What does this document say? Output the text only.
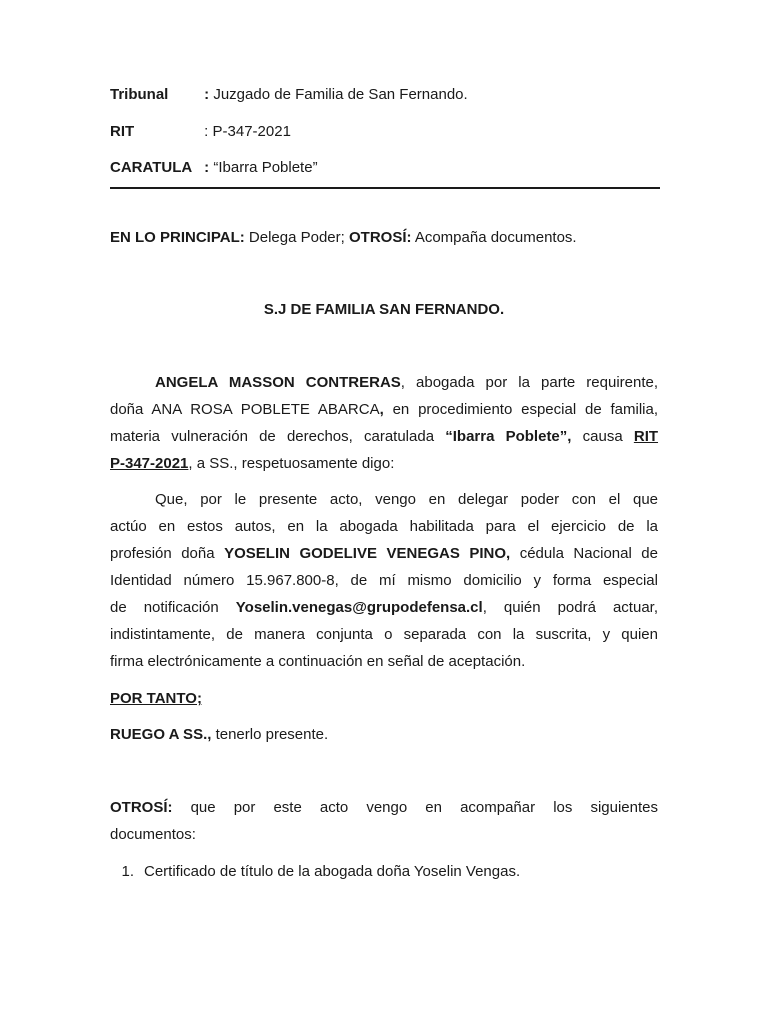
Tribunal : Juzgado de Familia de San Fernando.
RIT	: P-347-2021
CARATULA : “Ibarra Poblete”
EN LO PRINCIPAL: Delega Poder; OTROSÍ: Acompaña documentos.
S.J DE FAMILIA SAN FERNANDO.
ANGELA MASSON CONTRERAS, abogada por la parte requirente,
doña ANA ROSA POBLETE ABARCA, en procedimiento especial de familia,
materia vulneración de derechos, caratulada “Ibarra Poblete”, causa RIT
P-347-2021, a SS., respetuosamente digo:
Que, por le presente acto, vengo en delegar poder con el que
actúo en estos autos, en la abogada habilitada para el ejercicio de la
profesión doña YOSELIN GODELIVE VENEGAS PINO, cédula Nacional de
Identidad número 15.967.800-8, de mí mismo domicilio y forma especial
de notificación Yoselin.venegas@grupodefensa.cl, quién podrá actuar,
indistintamente, de manera conjunta o separada con la suscrita, y quien
firma electrónicamente a continuación en señal de aceptación.
POR TANTO;
RUEGO A SS., tenerlo presente.
OTROSÍ: que por este acto vengo en acompañar los siguientes
documentos:
1. Certificado de título de la abogada doña Yoselin Vengas.
